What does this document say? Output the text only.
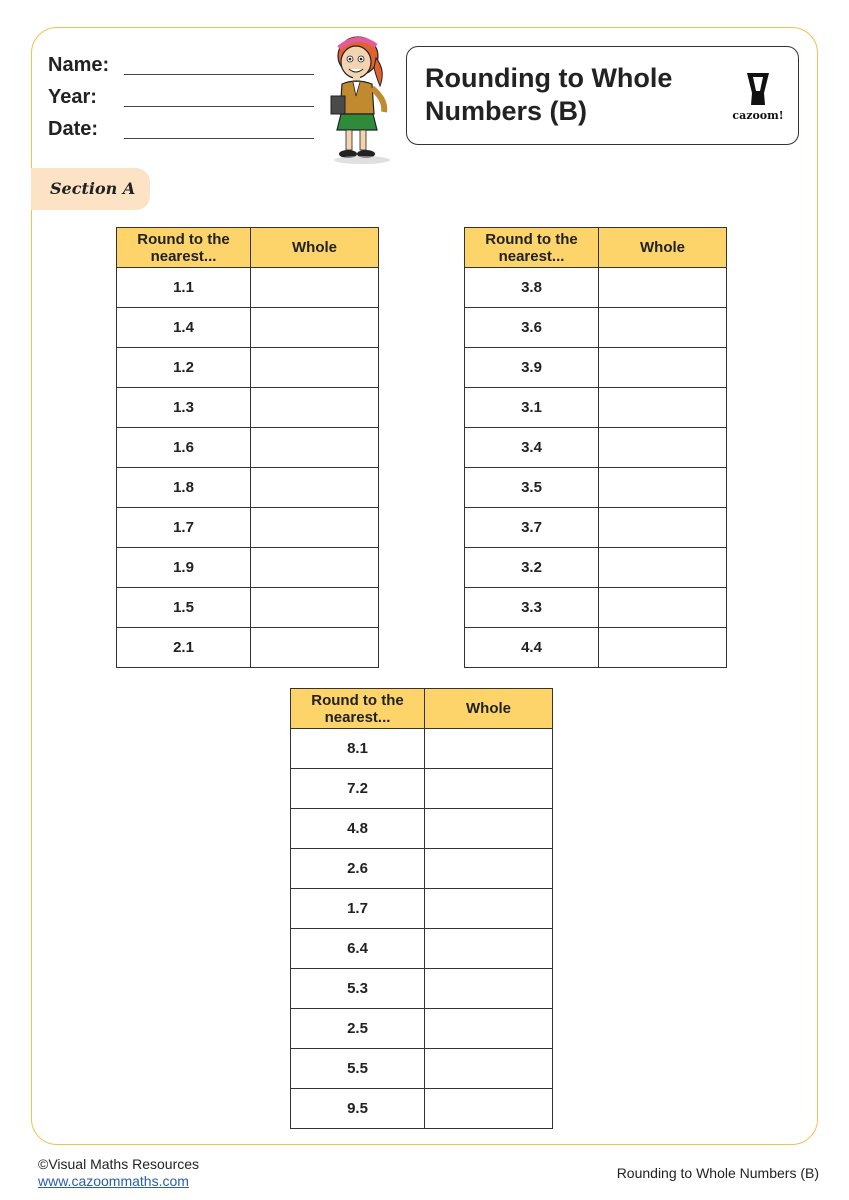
Name:
Year:
Date:
Rounding to Whole Numbers (B)	cazoom!
Section A
Round to the nearest...	Whole
1.1	
1.4	
1.2	
1.3	
1.6	
1.8	
1.7	
1.9	
1.5	
2.1	
Round to the nearest...	Whole
3.8	
3.6	
3.9	
3.1	
3.4	
3.5	
3.7	
3.2	
3.3	
4.4	
Round to the nearest...	Whole
8.1	
7.2	
4.8	
2.6	
1.7	
6.4	
5.3	
2.5	
5.5	
9.5	
©Visual Maths Resources
www.cazoommaths.com	Rounding to Whole Numbers (B)
